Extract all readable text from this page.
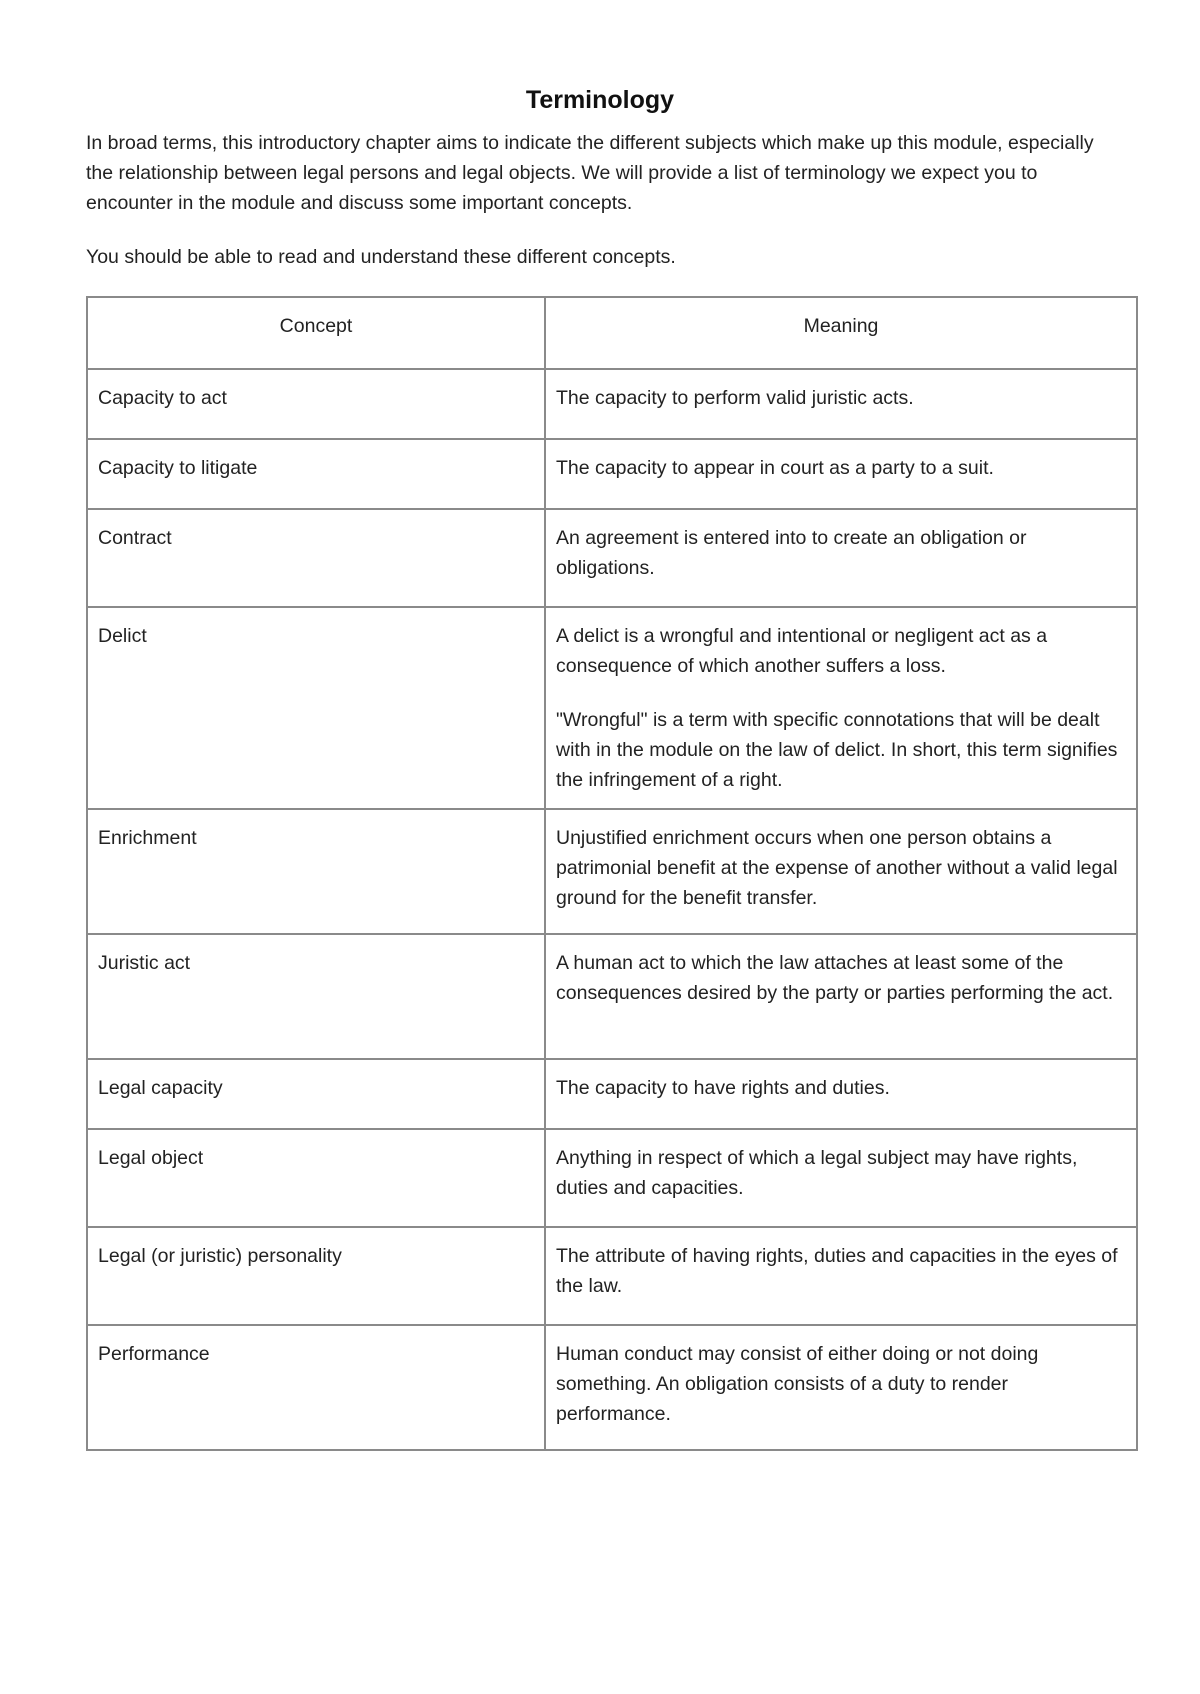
Terminology

In broad terms, this introductory chapter aims to indicate the different subjects which make up this module, especially the relationship between legal persons and legal objects. We will provide a list of terminology we expect you to encounter in the module and discuss some important concepts.

You should be able to read and understand these different concepts.

Concept	Meaning
Capacity to act	The capacity to perform valid juristic acts.

Capacity to litigate	The capacity to appear in court as a party to a suit.

Contract	An agreement is entered into to create an obligation or obligations.

Delict	A delict is a wrongful and intentional or negligent act as a consequence of which another suffers a loss.

"Wrongful" is a term with specific connotations that will be dealt with in the module on the law of delict. In short, this term signifies the infringement of a right.

Enrichment	Unjustified enrichment occurs when one person obtains a patrimonial benefit at the expense of another without a valid legal ground for the benefit transfer.

Juristic act	A human act to which the law attaches at least some of the consequences desired by the party or parties performing the act.

Legal capacity	The capacity to have rights and duties.

Legal object	Anything in respect of which a legal subject may have rights, duties and capacities.

Legal (or juristic) personality	The attribute of having rights, duties and capacities in the eyes of the law.

Performance	Human conduct may consist of either doing or not doing something. An obligation consists of a duty to render performance.
